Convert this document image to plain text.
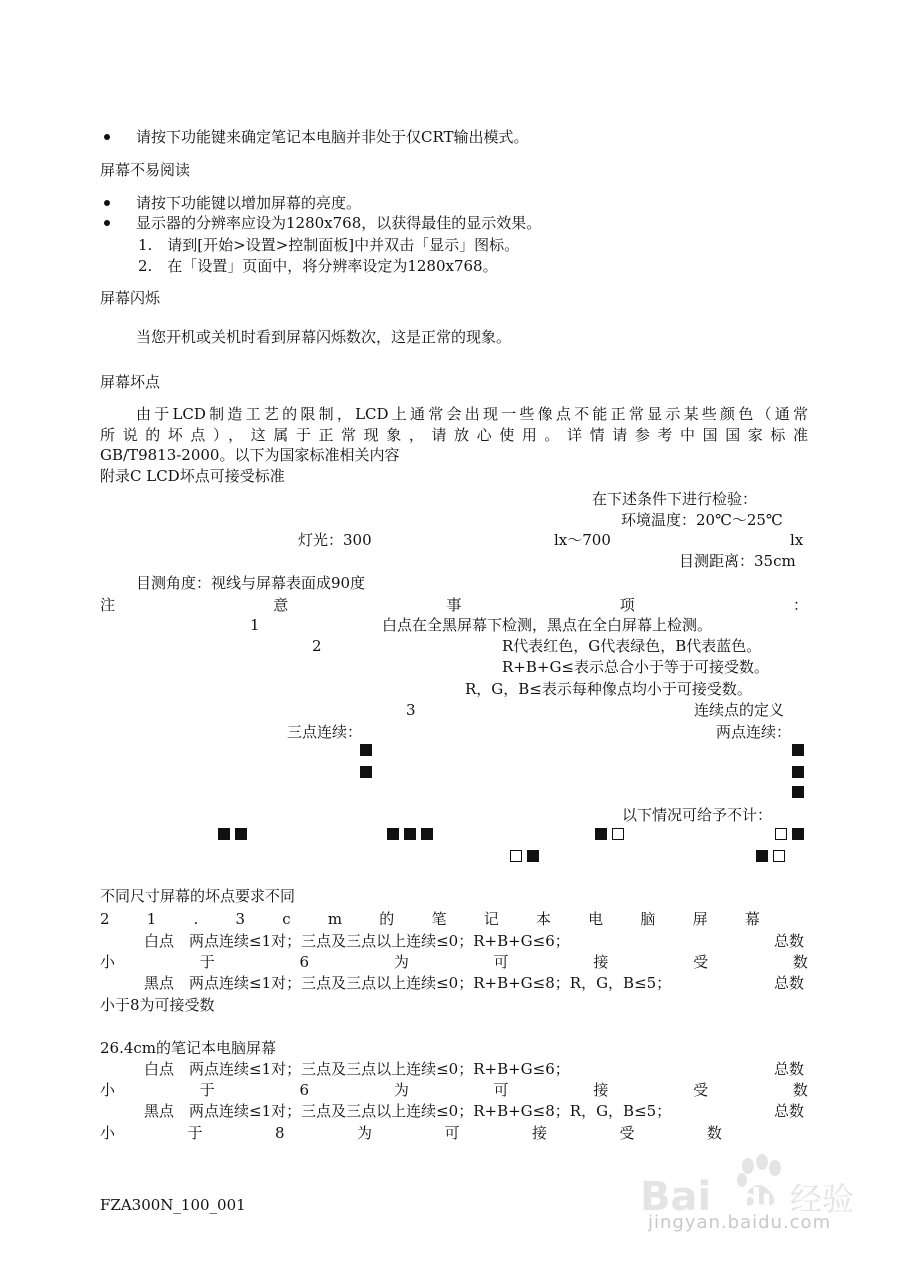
请按下功能键来确定笔记本电脑并非处于仅CRT输出模式。
屏幕不易阅读
请按下功能键以增加屏幕的亮度。
显示器的分辨率应设为1280x768，以获得最佳的显示效果。
1.　请到[开始>设置>控制面板]中并双击「显示」图标。
2.　在「设置」页面中，将分辨率设定为1280x768。
屏幕闪烁
当您开机或关机时看到屏幕闪烁数次，这是正常的现象。
屏幕坏点
由于LCD制造工艺的限制，LCD上通常会出现一些像点不能正常显示某些颜色（通常
所说的坏点），这属于正常现象，请放心使用。详情请参考中国国家标准
GB/T9813-2000。以下为国家标准相关内容
附录C LCD坏点可接受标准
在下述条件下进行检验：
环境温度：20℃～25℃
灯光：300	lx～700	lx
目测距离：35cm
目测角度：视线与屏幕表面成90度
注	意	事	项	：
1	白点在全黑屏幕下检测，黑点在全白屏幕上检测。
2	R代表红色，G代表绿色，B代表蓝色。
R+B+G≤表示总合小于等于可接受数。
R，G，B≤表示每种像点均小于可接受数。
3	连续点的定义
三点连续：	两点连续：
以下情况可给予不计：
不同尺寸屏幕的坏点要求不同
2 1 . 3 c m 的 笔 记 本 电 脑 屏 幕
白点　两点连续≤1对；三点及三点以上连续≤0；R+B+G≤6；	总数
小	于	6	为	可	接	受	数
黑点　两点连续≤1对；三点及三点以上连续≤0；R+B+G≤8；R，G，B≤5；	总数
小于8为可接受数
26.4cm的笔记本电脑屏幕
白点　两点连续≤1对；三点及三点以上连续≤0；R+B+G≤6；	总数
小	于	6	为	可	接	受	数
黑点　两点连续≤1对；三点及三点以上连续≤0；R+B+G≤8；R，G，B≤5；	总数
小	于	8	为	可	接	受	数
FZA300N_100_001	Bai du 经验
jingyan.baidu.com
